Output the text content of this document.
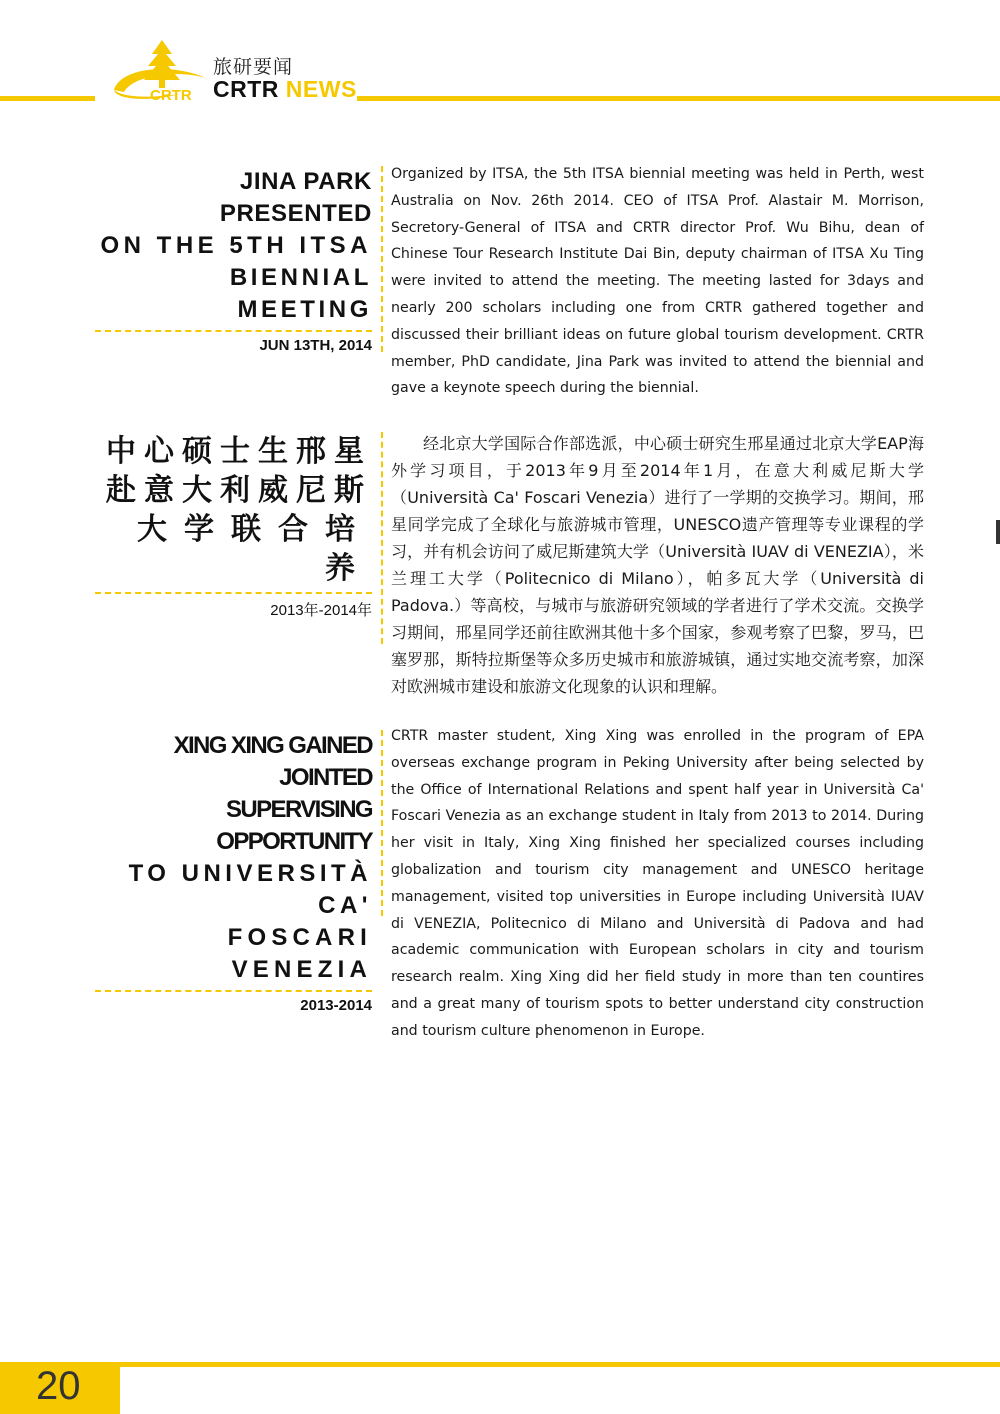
CRTR
旅研要闻
CRTR NEWS

JINA PARK PRESENTED

ON THE 5TH ITSA

BIENNIAL MEETING

JUN 13TH, 2014

Organized by ITSA, the 5th ITSA biennial meeting was held in Perth, west Australia on Nov. 26th 2014. CEO of ITSA Prof. Alastair M. Morrison, Secretory-General of ITSA and CRTR director Prof. Wu Bihu, dean of Chinese Tour Research Institute Dai Bin, deputy chairman of ITSA Xu Ting were invited to attend the meeting. The meeting lasted for 3days and nearly 200 scholars including one from CRTR gathered together and discussed their brilliant ideas on future global tourism development. CRTR member, PhD candidate, Jina Park was invited to attend the biennial and gave a keynote speech during the biennial.

中心硕士生邢星

赴意大利威尼斯

大学联合培养

2013年-2014年

经北京大学国际合作部选派，中心硕士研究生邢星通过北京大学EAP海外学习项目，于2013年9月至2014年1月，在意大利威尼斯大学（Università Ca' Foscari Venezia）进行了一学期的交换学习。期间，邢星同学完成了全球化与旅游城市管理，UNESCO遗产管理等专业课程的学习，并有机会访问了威尼斯建筑大学（Università IUAV di VENEZIA），米兰理工大学（Politecnico di Milano），帕多瓦大学（Università di Padova.）等高校，与城市与旅游研究领域的学者进行了学术交流。交换学习期间，邢星同学还前往欧洲其他十多个国家，参观考察了巴黎，罗马，巴塞罗那，斯特拉斯堡等众多历史城市和旅游城镇，通过实地交流考察，加深对欧洲城市建设和旅游文化现象的认识和理解。

XING XING GAINED JOINTED

SUPERVISING OPPORTUNITY

TO UNIVERSITÀ CA'

FOSCARI VENEZIA

2013-2014

CRTR master student, Xing Xing was enrolled in the program of EPA overseas exchange program in Peking University after being selected by the Office of International Relations and spent half year in Università Ca' Foscari Venezia as an exchange student in Italy from 2013 to 2014. During her visit in Italy, Xing Xing finished her specialized courses including globalization and tourism city management and UNESCO heritage management, visited top universities in Europe including Università IUAV di VENEZIA, Politecnico di Milano and Università di Padova and had academic communication with European scholars in city and tourism research realm. Xing Xing did her field study in more than ten countires and a great many of tourism spots to better understand city construction and tourism culture phenomenon in Europe.

20
